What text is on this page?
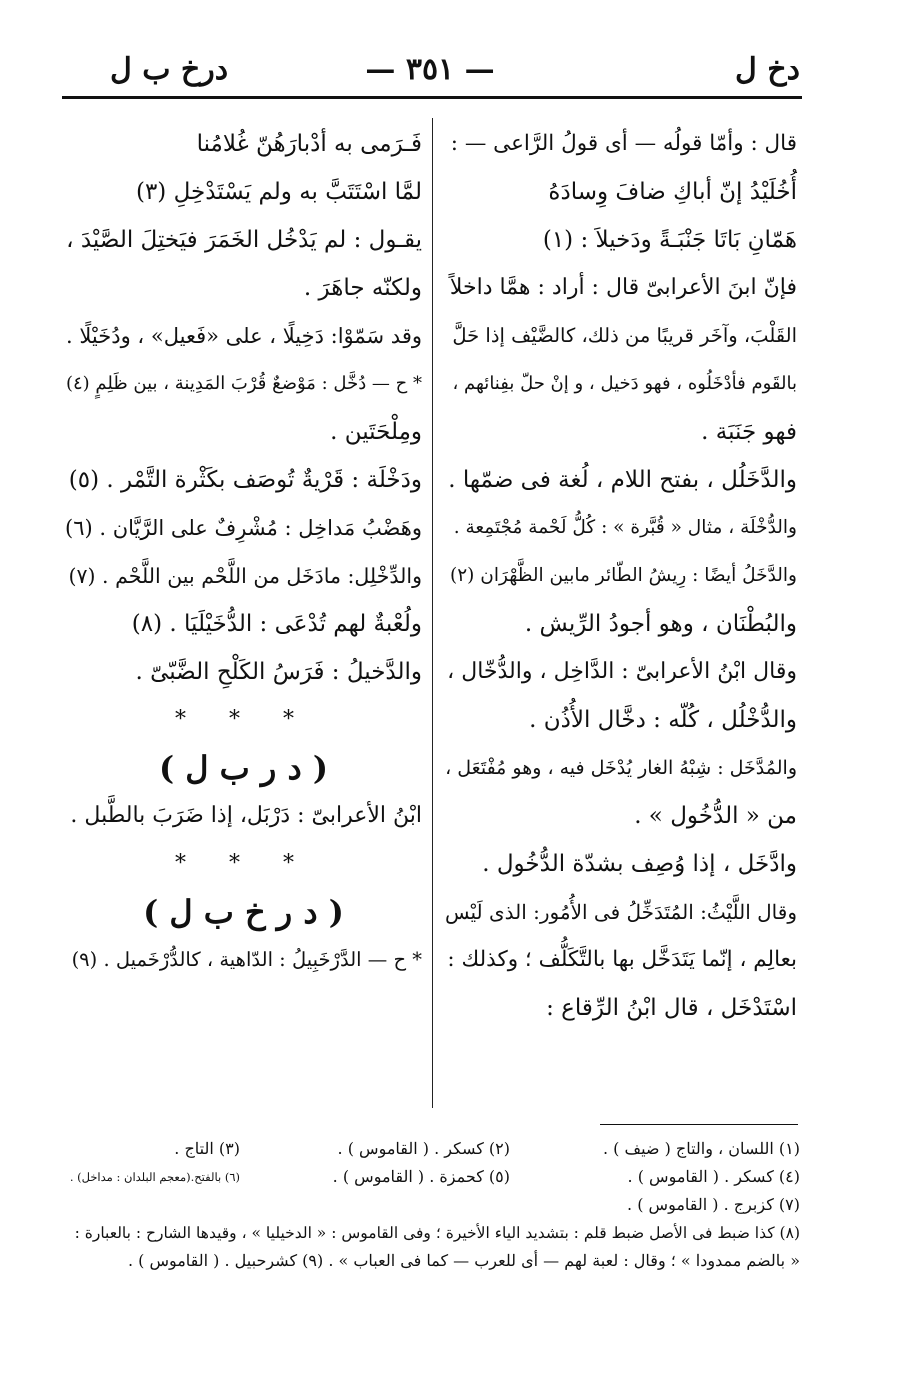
دخ ل
— ٣٥١ —
درخ ب ل
قال : وأمّا قولُه — أى قولُ الرَّاعى — :
أُخُلَيْدُ إنّ أباكِ ضافَ وِسادَهُ
هَمّانِ بَاتَا جَنْبَـةً ودَخيلاَ : (١)
فإنّ ابنَ الأعرابىّ قال : أراد : همَّا داخلاً
القَلْبَ، وآخَر قريبًا من ذلك، كالضَّيْف إذا حَلَّ
بالقَوم فأدْخَلُوه ، فهو دَخيل ، و إنْ حلّ بفِنائهم ،
فهو جَنَبَة .
والدَّخَلُل ، بفتح اللام ، لُغة فى ضمّها .
والدُّخْلَة ، مثال « قُبَّرة » : كُلُّ لَحْمة مُجْتَمِعة .
والدَّخَلُ أيضًا : رِيشُ الطّائر مابين الظَّهْرَان (٢)
والبُطْنَان ، وهو أجودُ الرِّيش .
وقال ابْنُ الأعرابىّ : الدَّاخِل ، والدُّخّال ،
والدُّخْلُل ، كُلّه : دخَّال الأُذُن .
والمُدَّخَل : شِبْهُ الغار يُدْخَل فيه ، وهو مُفْتَعَل ،
من « الدُّخُول » .
وادَّخَل ، إذا وُصِف بشدّة الدُّخُول .
وقال اللَّيْثُ: المُتَدَخِّلُ فى الأُمُور: الذى لَيْس
بعالِم ، إنّما يَتَدَخَّل بها بالتَّكَلُّف ؛ وكذلك :
اسْتَدْخَل ، قال ابْنُ الرِّقاع :
فَـرَمى به أدْبارَهُنّ غُلامُنا
لمَّا اسْتَتَبَّ به ولم يَسْتَدْخِلِ (٣)
يقـول : لم يَدْخُل الخَمَرَ فيَختِلَ الصَّيْدَ ،
ولكنّه جاهَرَ .
وقد سَمّوْا: دَخِيلًا ، على «فَعيل» ، ودُخَيْلًا .
* ح — دُخَّل : مَوْضعٌ قُرْبَ المَدِينة ، بين ظَلِمٍ (٤)
ومِلْحَتَين .
ودَخْلَة : قَرْيةٌ تُوصَف بكَثْرة التَّمْر . (٥)
وهَضْبُ مَداخِل : مُشْرِفٌ على الرَّيَّان . (٦)
والدِّخْلِل: مادَخَل من اللَّحْم بين اللَّحْم . (٧)
ولُعْبةٌ لهم تُدْعَى : الدُّخَيْلَيَا . (٨)
والدَّخيلُ : فَرَسُ الكَلْحِ الضَّبّىّ .
* * *
( د ر ب ل )
ابْنُ الأعرابىّ : دَرْبَل، إذا ضَرَبَ بالطَّبل .
* * *
( د ر خ ب ل )
* ح — الدَّرْخَبِيلُ : الدّاهية ، كالدُّرْخَميل . (٩)
(١) اللسان ، والتاج ( ضيف ) .
(٢) كسكر . ( القاموس ) .
(٣) التاج .
(٤) كسكر . ( القاموس ) .
(٥) كحمزة . ( القاموس ) .
(٦) بالفتح.(معجم البلدان : مداخل) .
(٧) كزبرج . ( القاموس ) .
(٨) كذا ضبط فى الأصل ضبط قلم : بتشديد الياء الأخيرة ؛ وفى القاموس : « الدخيليا » ، وقيدها الشارح : بالعبارة :
« بالضم ممدودا » ؛ وقال : لعبة لهم — أى للعرب — كما فى العباب » . (٩) كشرحبيل . ( القاموس ) .
